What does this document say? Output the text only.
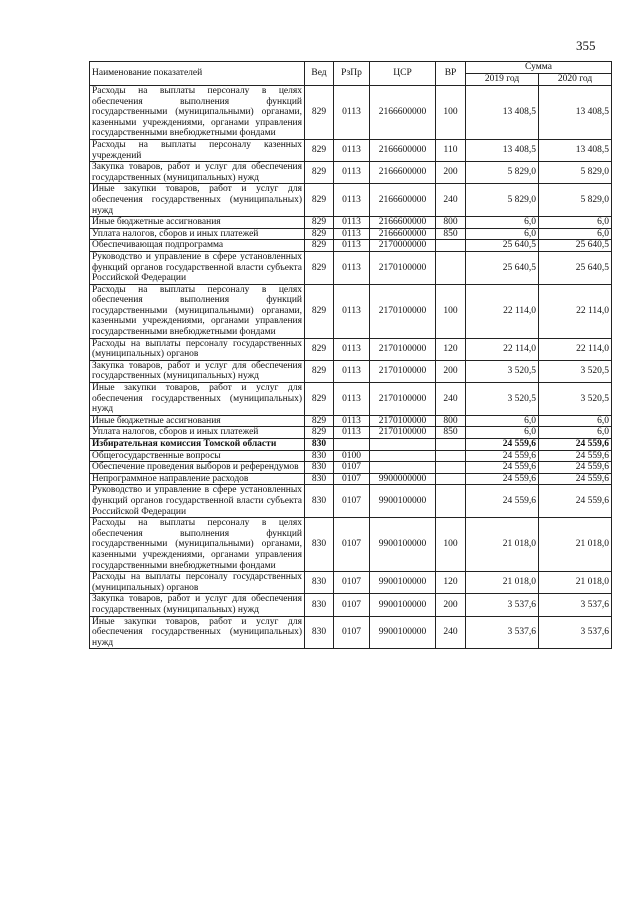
355
Наименование показателей	Вед	РзПр	ЦСР	ВР	Сумма	
					2019 год	2020 год
Расходы на выплаты персоналу в целях обеспечения выполнения функций государственными (муниципальными) органами, казенными учреждениями, органами управления государственными внебюджетными фондами	829	0113	2166600000	100	13 408,5	13 408,5
Расходы на выплаты персоналу казенных учреждений	829	0113	2166600000	110	13 408,5	13 408,5
Закупка товаров, работ и услуг для обеспечения государственных (муниципальных) нужд	829	0113	2166600000	200	5 829,0	5 829,0
Иные закупки товаров, работ и услуг для обеспечения государственных (муниципальных) нужд	829	0113	2166600000	240	5 829,0	5 829,0
Иные бюджетные ассигнования	829	0113	2166600000	800	6,0	6,0
Уплата налогов, сборов и иных платежей	829	0113	2166600000	850	6,0	6,0
Обеспечивающая подпрограмма	829	0113	2170000000		25 640,5	25 640,5
Руководство и управление в сфере установленных функций органов государственной власти субъекта Российской Федерации	829	0113	2170100000		25 640,5	25 640,5
Расходы на выплаты персоналу в целях обеспечения выполнения функций государственными (муниципальными) органами, казенными учреждениями, органами управления государственными внебюджетными фондами	829	0113	2170100000	100	22 114,0	22 114,0
Расходы на выплаты персоналу государственных (муниципальных) органов	829	0113	2170100000	120	22 114,0	22 114,0
Закупка товаров, работ и услуг для обеспечения государственных (муниципальных) нужд	829	0113	2170100000	200	3 520,5	3 520,5
Иные закупки товаров, работ и услуг для обеспечения государственных (муниципальных) нужд	829	0113	2170100000	240	3 520,5	3 520,5
Иные бюджетные ассигнования	829	0113	2170100000	800	6,0	6,0
Уплата налогов, сборов и иных платежей	829	0113	2170100000	850	6,0	6,0
Избирательная комиссия Томской области	830				24 559,6	24 559,6
Общегосударственные вопросы	830	0100			24 559,6	24 559,6
Обеспечение проведения выборов и референдумов	830	0107			24 559,6	24 559,6
Непрограммное направление расходов	830	0107	9900000000		24 559,6	24 559,6
Руководство и управление в сфере установленных функций органов государственной власти субъекта Российской Федерации	830	0107	9900100000		24 559,6	24 559,6
Расходы на выплаты персоналу в целях обеспечения выполнения функций государственными (муниципальными) органами, казенными учреждениями, органами управления государственными внебюджетными фондами	830	0107	9900100000	100	21 018,0	21 018,0
Расходы на выплаты персоналу государственных (муниципальных) органов	830	0107	9900100000	120	21 018,0	21 018,0
Закупка товаров, работ и услуг для обеспечения государственных (муниципальных) нужд	830	0107	9900100000	200	3 537,6	3 537,6
Иные закупки товаров, работ и услуг для обеспечения государственных (муниципальных) нужд	830	0107	9900100000	240	3 537,6	3 537,6
